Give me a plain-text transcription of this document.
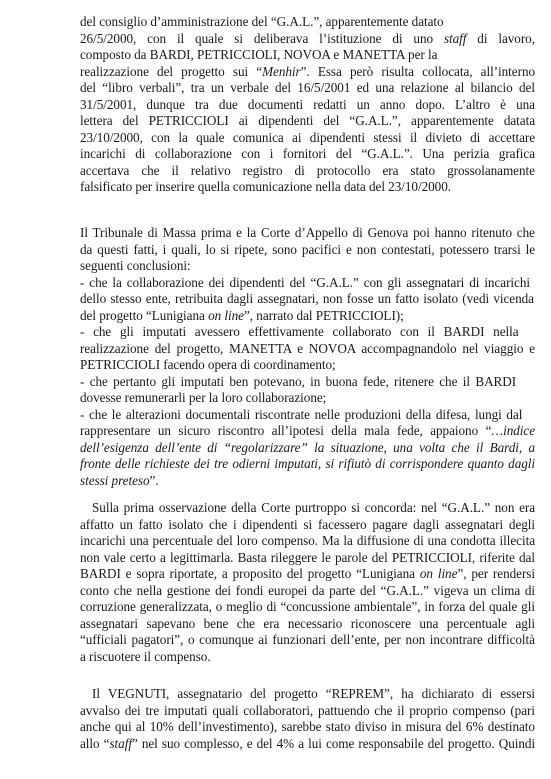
del consiglio d’amministrazione del “G.A.L.”, apparentemente datato
26/5/2000, con il quale si deliberava l’istituzione di uno staff di lavoro,
composto da BARDI, PETRICCIOLI, NOVOA e MANETTA per la
realizzazione del progetto sui “Menhir”. Essa però risulta collocata, all’interno
del “libro verbali”, tra un verbale del 16/5/2001 ed una relazione al bilancio del
31/5/2001, dunque tra due documenti redatti un anno dopo. L’altro è una
lettera del PETRICCIOLI ai dipendenti del “G.A.L.”, apparentemente datata
23/10/2000, con la quale comunica ai dipendenti stessi il divieto di accettare
incarichi di collaborazione con i fornitori del “G.A.L.”. Una perizia grafica
accertava che il relativo registro di protocollo era stato grossolanamente
falsificato per inserire quella comunicazione nella data del 23/10/2000.
Il Tribunale di Massa prima e la Corte d’Appello di Genova poi hanno ritenuto che
da questi fatti, i quali, lo si ripete, sono pacifici e non contestati, potessero trarsi le
seguenti conclusioni:
- che la collaborazione dei dipendenti del “G.A.L.” con gli assegnatari di incarichi
dello stesso ente, retribuita dagli assegnatari, non fosse un fatto isolato (vedi vicenda
del progetto “Lunigiana on line”, narrato dal PETRICCIOLI);
- che gli imputati avessero effettivamente collaborato con il BARDI nella
realizzazione del progetto, MANETTA e NOVOA accompagnandolo nel viaggio e
PETRICCIOLI facendo opera di coordinamento;
- che pertanto gli imputati ben potevano, in buona fede, ritenere che il BARDI
dovesse remunerarli per la loro collaborazione;
- che le alterazioni documentali riscontrate nelle produzioni della difesa, lungi dal
rappresentare un sicuro riscontro all’ipotesi della mala fede, appaiono “…indice
dell’esigenza dell’ente di “regolarizzare” la situazione, una volta che il Bardi, a
fronte delle richieste dei tre odierni imputati, si rifiutò di corrispondere quanto dagli
stessi preteso”.
Sulla prima osservazione della Corte purtroppo si concorda: nel “G.A.L.” non era
affatto un fatto isolato che i dipendenti si facessero pagare dagli assegnatari degli
incarichi una percentuale del loro compenso. Ma la diffusione di una condotta illecita
non vale certo a legittimarla. Basta rileggere le parole del PETRICCIOLI, riferite dal
BARDI e sopra riportate, a proposito del progetto “Lunigiana on line”, per rendersi
conto che nella gestione dei fondi europei da parte del “G.A.L.” vigeva un clima di
corruzione generalizzata, o meglio di “concussione ambientale”, in forza del quale gli
assegnatari sapevano bene che era necessario riconoscere una percentuale agli
“ufficiali pagatori”, o comunque ai funzionari dell’ente, per non incontrare difficoltà
a riscuotere il compenso.
Il VEGNUTI, assegnatario del progetto “REPREM”, ha dichiarato di essersi
avvalso dei tre imputati quali collaboratori, pattuendo che il proprio compenso (pari
anche qui al 10% dell’investimento), sarebbe stato diviso in misura del 6% destinato
allo “staff” nel suo complesso, e del 4% a lui come responsabile del progetto. Quindi
